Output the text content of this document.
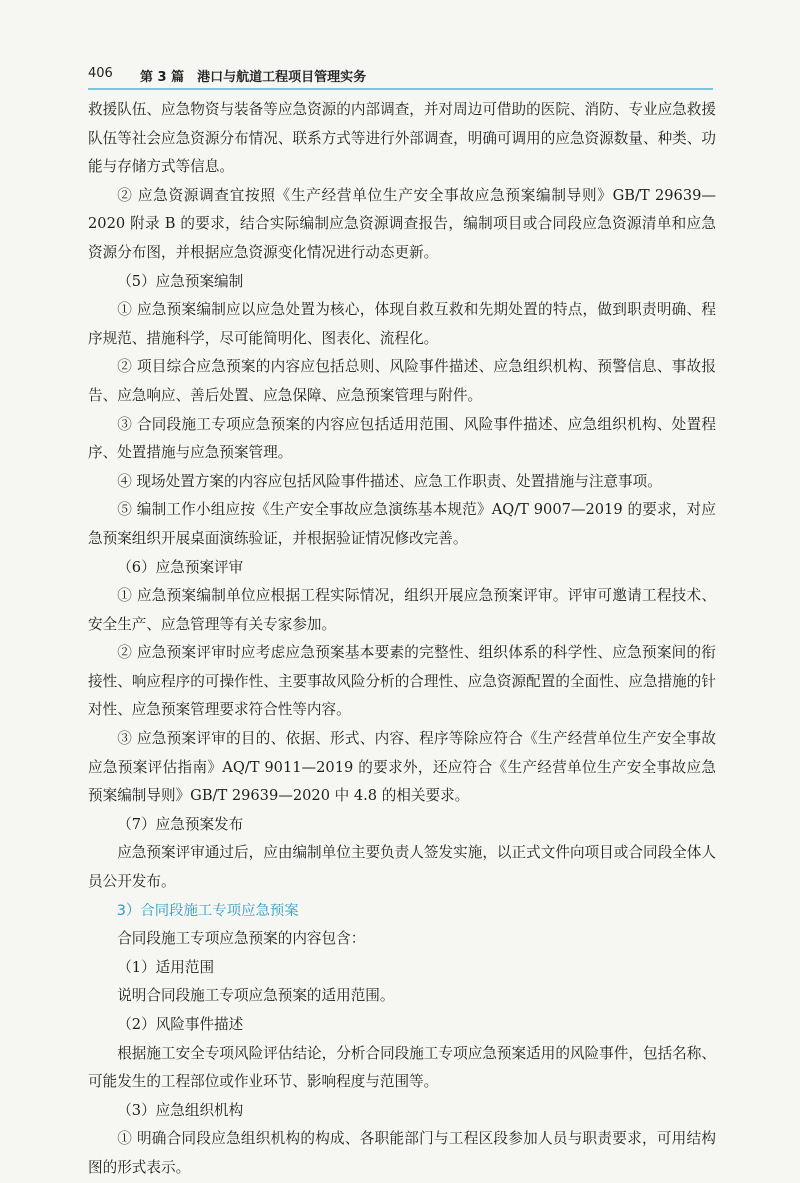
406 第 3 篇　港口与航道工程项目管理实务

救援队伍、应急物资与装备等应急资源的内部调查，并对周边可借助的医院、消防、专业应急救援队伍等社会应急资源分布情况、联系方式等进行外部调查，明确可调用的应急资源数量、种类、功能与存储方式等信息。

② 应急资源调查宜按照《生产经营单位生产安全事故应急预案编制导则》GB/T 29639—2020 附录 B 的要求，结合实际编制应急资源调查报告，编制项目或合同段应急资源清单和应急资源分布图，并根据应急资源变化情况进行动态更新。

（5）应急预案编制

① 应急预案编制应以应急处置为核心，体现自救互救和先期处置的特点，做到职责明确、程序规范、措施科学，尽可能简明化、图表化、流程化。

② 项目综合应急预案的内容应包括总则、风险事件描述、应急组织机构、预警信息、事故报告、应急响应、善后处置、应急保障、应急预案管理与附件。

③ 合同段施工专项应急预案的内容应包括适用范围、风险事件描述、应急组织机构、处置程序、处置措施与应急预案管理。

④ 现场处置方案的内容应包括风险事件描述、应急工作职责、处置措施与注意事项。

⑤ 编制工作小组应按《生产安全事故应急演练基本规范》AQ/T 9007—2019 的要求，对应急预案组织开展桌面演练验证，并根据验证情况修改完善。

（6）应急预案评审

① 应急预案编制单位应根据工程实际情况，组织开展应急预案评审。评审可邀请工程技术、安全生产、应急管理等有关专家参加。

② 应急预案评审时应考虑应急预案基本要素的完整性、组织体系的科学性、应急预案间的衔接性、响应程序的可操作性、主要事故风险分析的合理性、应急资源配置的全面性、应急措施的针对性、应急预案管理要求符合性等内容。

③ 应急预案评审的目的、依据、形式、内容、程序等除应符合《生产经营单位生产安全事故应急预案评估指南》AQ/T 9011—2019 的要求外，还应符合《生产经营单位生产安全事故应急预案编制导则》GB/T 29639—2020 中 4.8 的相关要求。

（7）应急预案发布

应急预案评审通过后，应由编制单位主要负责人签发实施，以正式文件向项目或合同段全体人员公开发布。

3）合同段施工专项应急预案

合同段施工专项应急预案的内容包含：

（1）适用范围

说明合同段施工专项应急预案的适用范围。

（2）风险事件描述

根据施工安全专项风险评估结论，分析合同段施工专项应急预案适用的风险事件，包括名称、可能发生的工程部位或作业环节、影响程度与范围等。

（3）应急组织机构

① 明确合同段应急组织机构的构成、各职能部门与工程区段参加人员与职责要求，可用结构图的形式表示。
